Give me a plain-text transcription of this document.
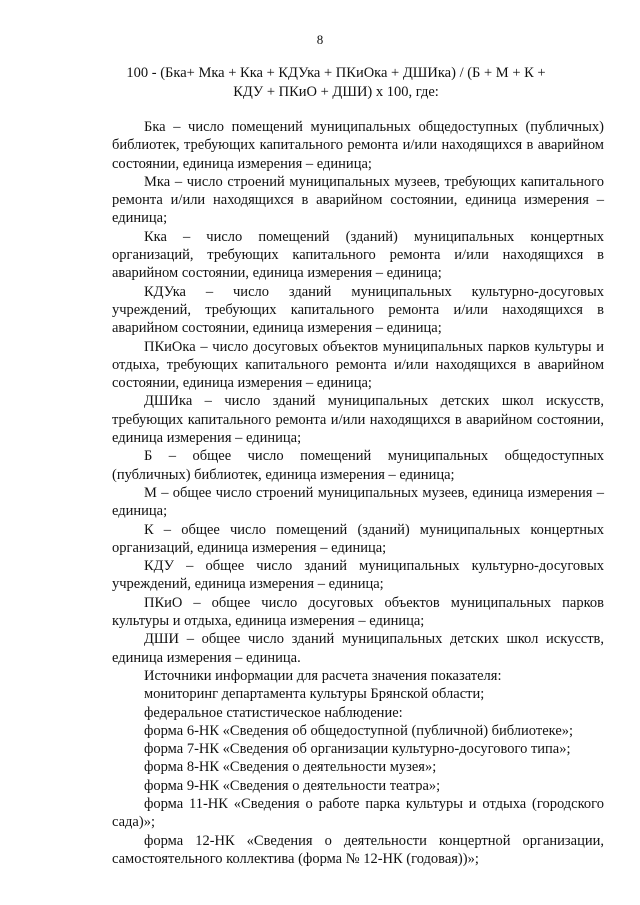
8
100 - (Бка+ Мка + Кка + КДУка + ПКиОка + ДШИка) / (Б + М + К +
КДУ + ПКиО + ДШИ) х 100, где:

Бка – число помещений муниципальных общедоступных (публичных) библиотек, требующих капитального ремонта и/или находящихся в аварийном состоянии, единица измерения – единица;

Мка – число строений муниципальных музеев, требующих капитального ремонта и/или находящихся в аварийном состоянии, единица измерения – единица;

Кка – число помещений (зданий) муниципальных концертных организаций, требующих капитального ремонта и/или находящихся в аварийном состоянии, единица измерения – единица;

КДУка – число зданий муниципальных культурно-досуговых учреждений, требующих капитального ремонта и/или находящихся в аварийном состоянии, единица измерения – единица;

ПКиОка – число досуговых объектов муниципальных парков культуры и отдыха, требующих капитального ремонта и/или находящихся в аварийном состоянии, единица измерения – единица;

ДШИка – число зданий муниципальных детских школ искусств, требующих капитального ремонта и/или находящихся в аварийном состоянии, единица измерения – единица;

Б – общее число помещений муниципальных общедоступных (публичных) библиотек, единица измерения – единица;

М – общее число строений муниципальных музеев, единица измерения – единица;

К – общее число помещений (зданий) муниципальных концертных организаций, единица измерения – единица;

КДУ – общее число зданий муниципальных культурно-досуговых учреждений, единица измерения – единица;

ПКиО – общее число досуговых объектов муниципальных парков культуры и отдыха, единица измерения – единица;

ДШИ – общее число зданий муниципальных детских школ искусств, единица измерения – единица.

Источники информации для расчета значения показателя:

мониторинг департамента культуры Брянской области;

федеральное статистическое наблюдение:

форма 6-НК «Сведения об общедоступной (публичной) библиотеке»;

форма 7-НК «Сведения об организации культурно-досугового типа»;

форма 8-НК «Сведения о деятельности музея»;

форма 9-НК «Сведения о деятельности театра»;

форма 11-НК «Сведения о работе парка культуры и отдыха (городского сада)»;

форма 12-НК «Сведения о деятельности концертной организации, самостоятельного коллектива (форма № 12-НК (годовая))»;
